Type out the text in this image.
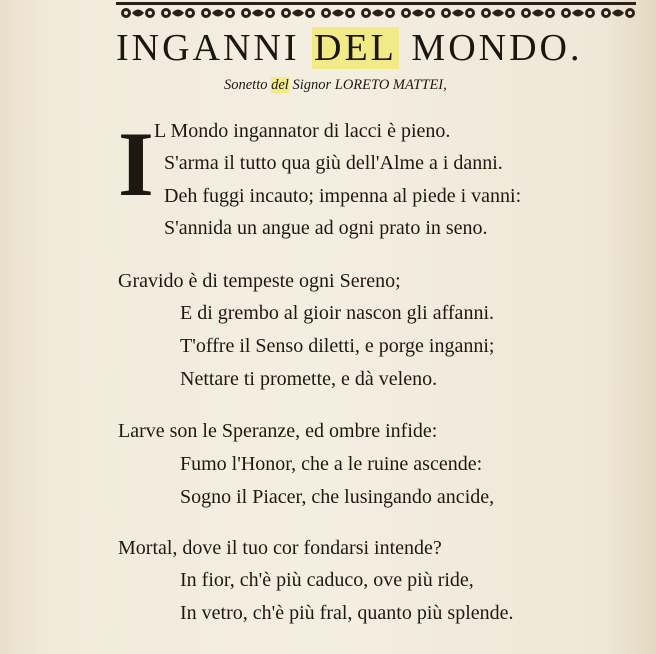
INGANNI DEL MONDO.
Sonetto del Signor LORETO MATTEI,
I L Mondo ingannator di lacci è pieno.
S'arma il tutto qua giù dell'Alme a i danni.
Deh fuggi incauto; impenna al piede i vanni:
S'annida un angue ad ogni prato in seno.
Gravido è di tempeste ogni Sereno;
E di grembo al gioir nascon gli affanni.
T'offre il Senso diletti, e porge inganni;
Nettare ti promette, e dà veleno.
Larve son le Speranze, ed ombre infide:
Fumo l'Honor, che a le ruine ascende:
Sogno il Piacer, che lusingando ancide,
Mortal, dove il tuo cor fondarsi intende?
In fior, ch'è più caduco, ove più ride,
In vetro, ch'è più fral, quanto più splende.
